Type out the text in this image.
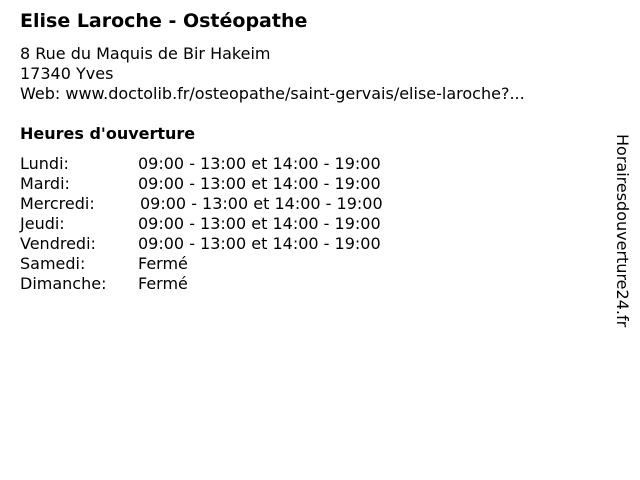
Elise Laroche - Ostéopathe
8 Rue du Maquis de Bir Hakeim
17340 Yves
Web: www.doctolib.fr/osteopathe/saint-gervais/elise-laroche?...
Heures d'ouverture
Lundi:	09:00 - 13:00 et 14:00 - 19:00
Mardi:	09:00 - 13:00 et 14:00 - 19:00
Mercredi:	09:00 - 13:00 et 14:00 - 19:00
Jeudi:	09:00 - 13:00 et 14:00 - 19:00
Vendredi:	09:00 - 13:00 et 14:00 - 19:00
Samedi:	Fermé
Dimanche: Fermé	Horairesdouverture24.fr
